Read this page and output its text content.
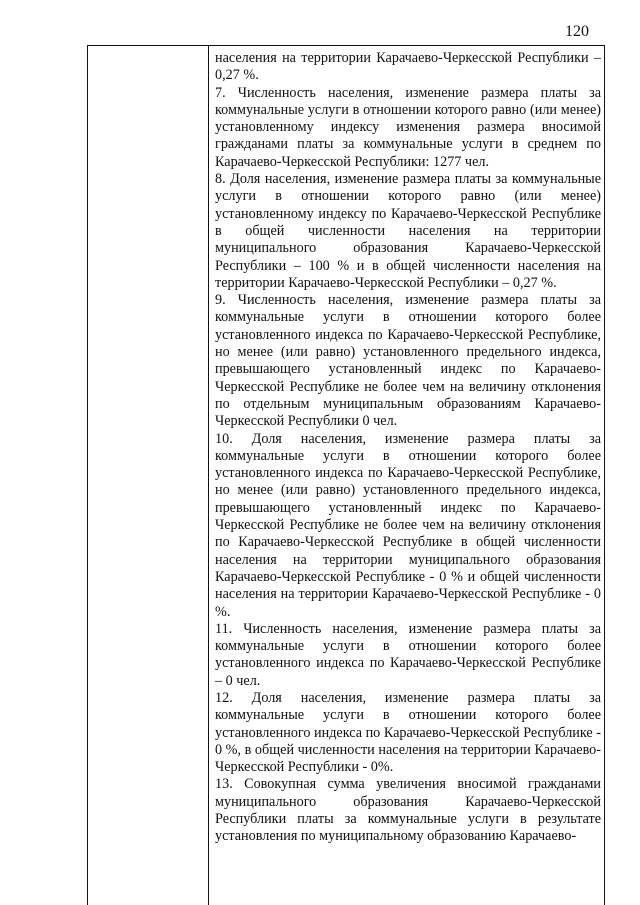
120

населения на территории Карачаево-Черкесской Республики – 0,27 %.

7. Численность населения, изменение размера платы за коммунальные услуги в отношении которого равно (или менее) установленному индексу изменения размера вносимой гражданами платы за коммунальные услуги в среднем по Карачаево-Черкесской Республики: 1277 чел.

8. Доля населения, изменение размера платы за коммунальные услуги в отношении которого равно (или менее) установленному индексу по Карачаево-Черкесской Республике в общей численности населения на территории муниципального образования Карачаево-Черкесской Республики – 100 % и в общей численности населения на территории Карачаево-Черкесской Республики – 0,27 %.

9. Численность населения, изменение размера платы за коммунальные услуги в отношении которого более установленного индекса по Карачаево-Черкесской Республике, но менее (или равно) установленного предельного индекса, превышающего установленный индекс по Карачаево-Черкесской Республике не более чем на величину отклонения по отдельным муниципальным образованиям Карачаево-Черкесской Республики 0 чел.

10. Доля населения, изменение размера платы за коммунальные услуги в отношении которого более установленного индекса по Карачаево-Черкесской Республике, но менее (или равно) установленного предельного индекса, превышающего установленный индекс по Карачаево-Черкесской Республике не более чем на величину отклонения по Карачаево-Черкесской Республике в общей численности населения на территории муниципального образования Карачаево-Черкесской Республике - 0 % и общей численности населения на территории Карачаево-Черкесской Республике - 0 %.

11. Численность населения, изменение размера платы за коммунальные услуги в отношении которого более установленного индекса по Карачаево-Черкесской Республике – 0 чел.

12. Доля населения, изменение размера платы за коммунальные услуги в отношении которого более установленного индекса по Карачаево-Черкесской Республике - 0 %, в общей численности населения на территории Карачаево-Черкесской Республики - 0%.

13. Совокупная сумма увеличения вносимой гражданами муниципального образования Карачаево-Черкесской Республики платы за коммунальные услуги в результате установления по муниципальному образованию Карачаево-
